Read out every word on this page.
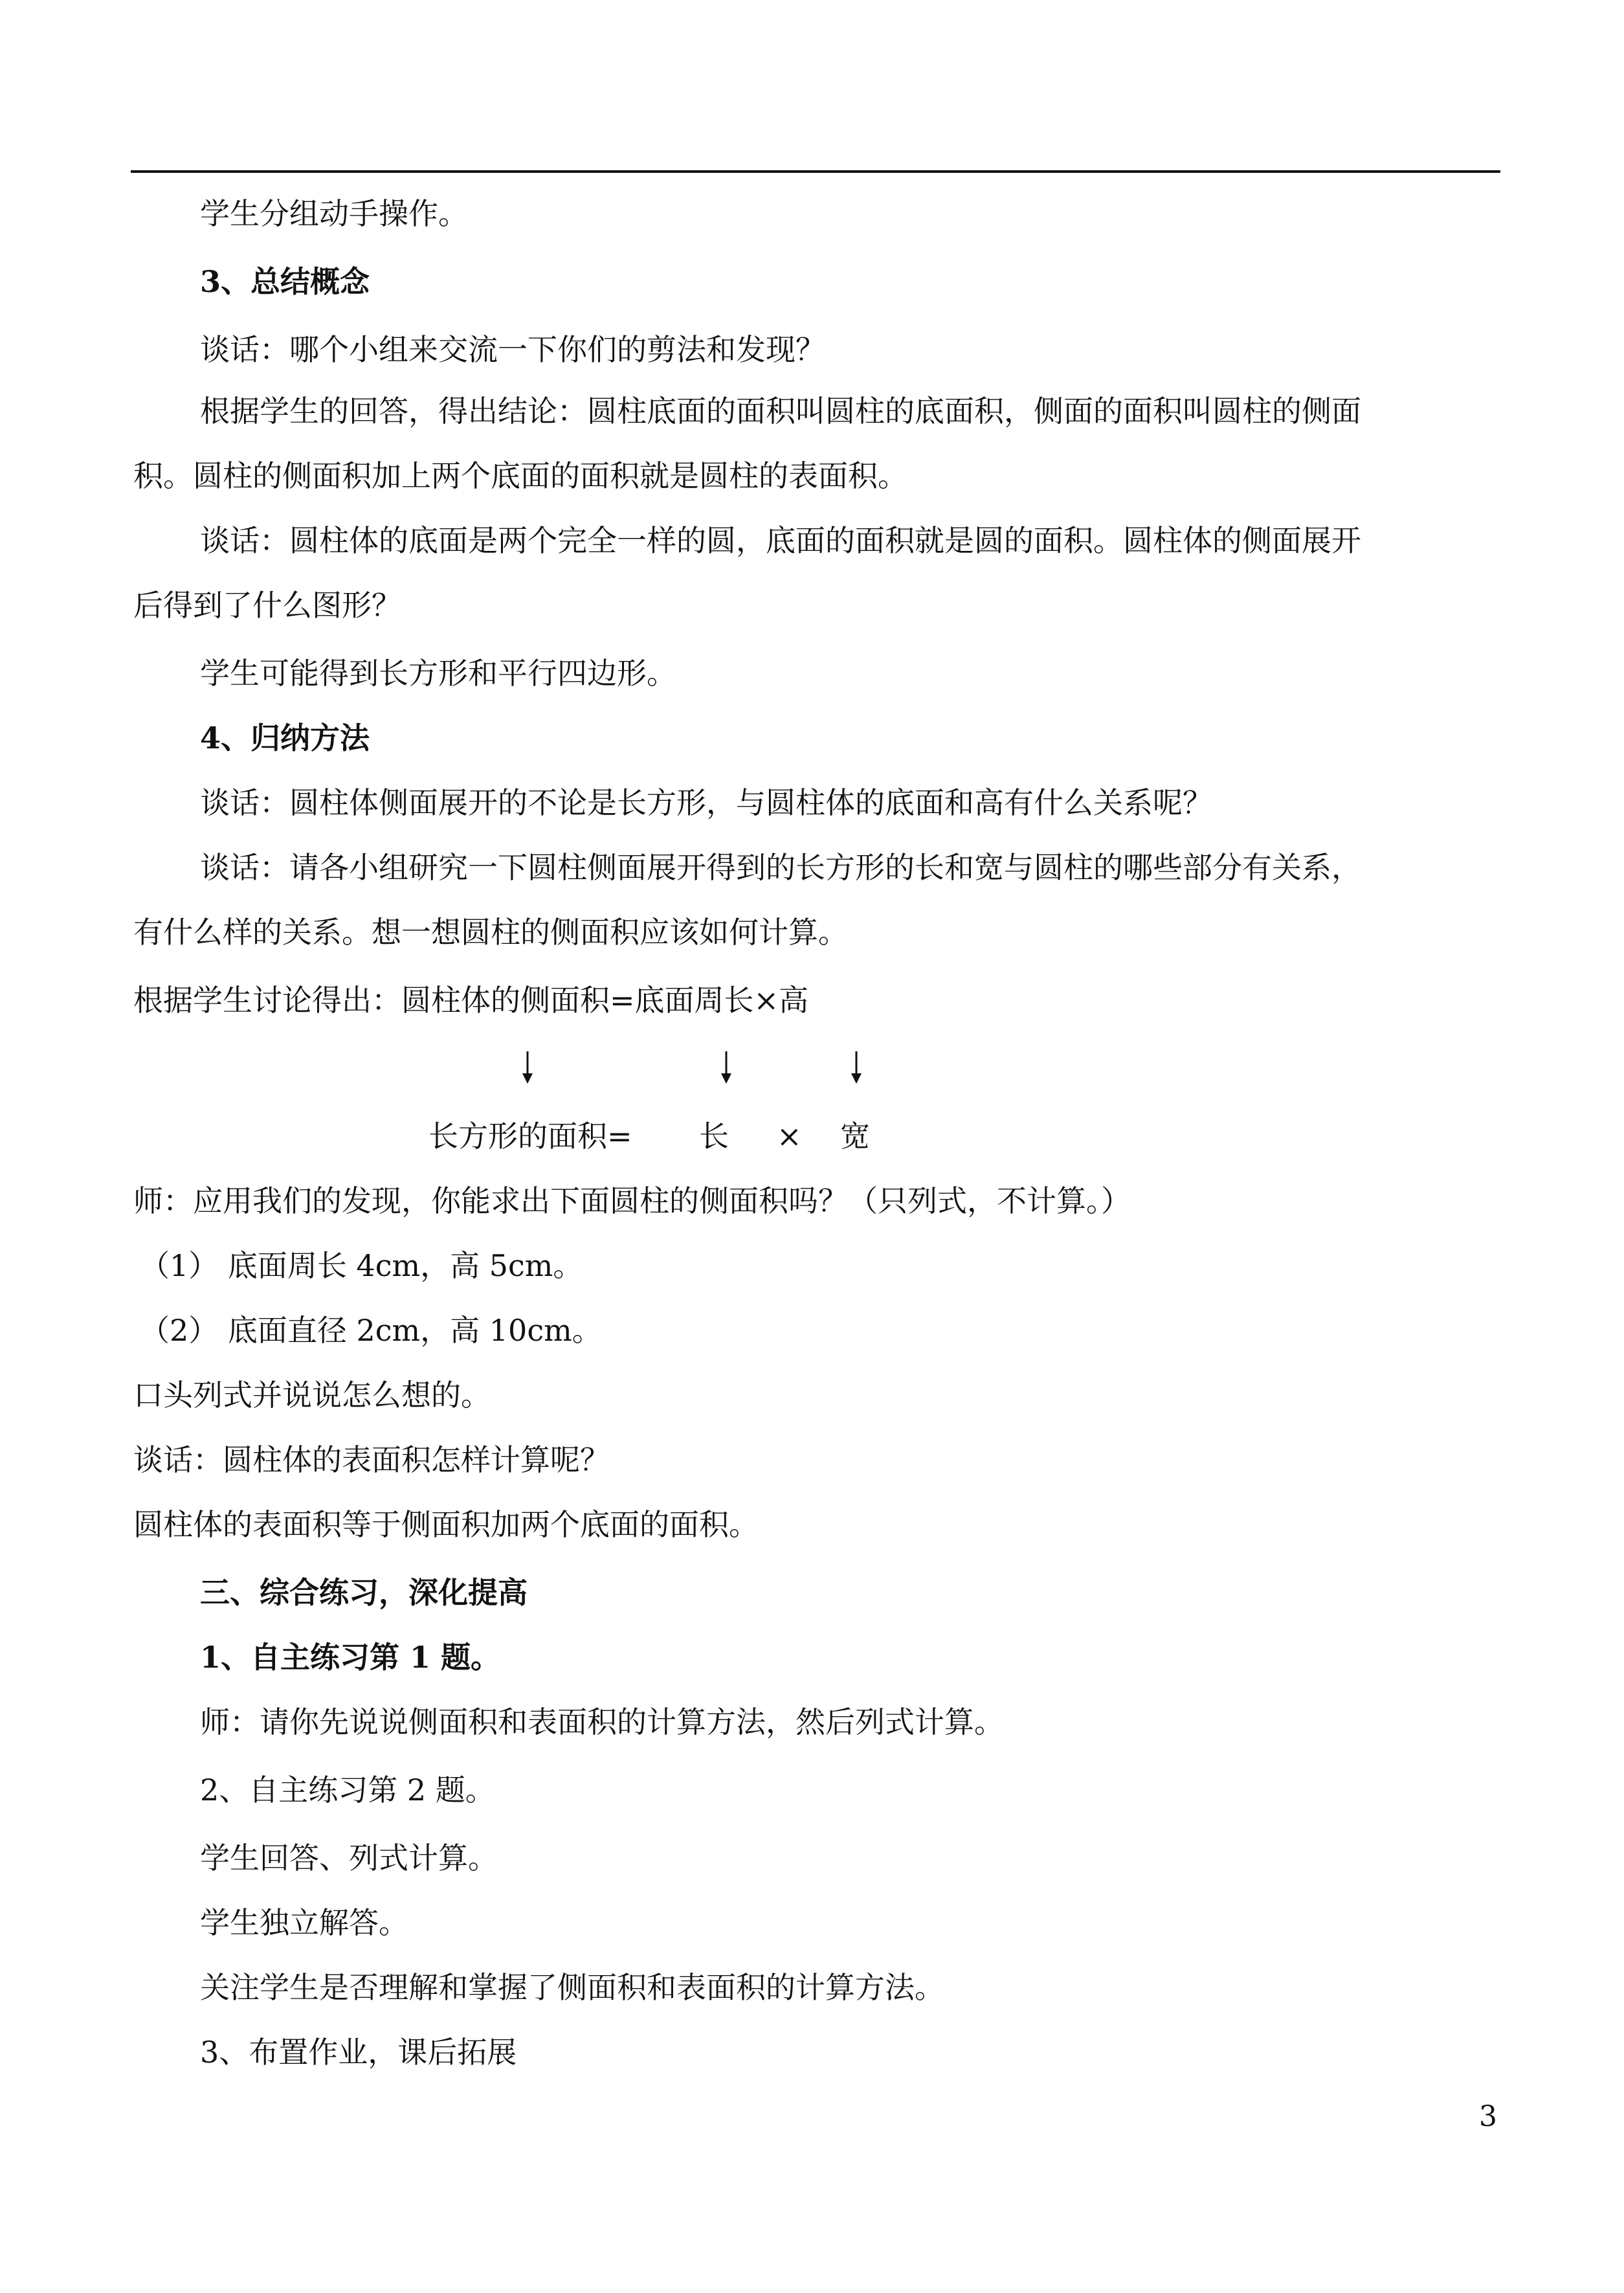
学生分组动手操作。
3、总结概念
谈话：哪个小组来交流一下你们的剪法和发现？
根据学生的回答，得出结论：圆柱底面的面积叫圆柱的底面积，侧面的面积叫圆柱的侧面
积。圆柱的侧面积加上两个底面的面积就是圆柱的表面积。
谈话：圆柱体的底面是两个完全一样的圆，底面的面积就是圆的面积。圆柱体的侧面展开
后得到了什么图形？
学生可能得到长方形和平行四边形。
4、归纳方法
谈话：圆柱体侧面展开的不论是长方形，与圆柱体的底面和高有什么关系呢？
谈话：请各小组研究一下圆柱侧面展开得到的长方形的长和宽与圆柱的哪些部分有关系，
有什么样的关系。想一想圆柱的侧面积应该如何计算。
根据学生讨论得出：圆柱体的侧面积=底面周长×高
长方形的面积= 长 × 宽
师：应用我们的发现，你能求出下面圆柱的侧面积吗？（只列式，不计算。）
（1） 底面周长 4cm，高 5cm。
（2） 底面直径 2cm，高 10cm。
口头列式并说说怎么想的。
谈话：圆柱体的表面积怎样计算呢？
圆柱体的表面积等于侧面积加两个底面的面积。
三、综合练习，深化提高
1、自主练习第 1 题。
师：请你先说说侧面积和表面积的计算方法，然后列式计算。
2、自主练习第 2 题。
学生回答、列式计算。
学生独立解答。
关注学生是否理解和掌握了侧面积和表面积的计算方法。
3、布置作业，课后拓展
3
